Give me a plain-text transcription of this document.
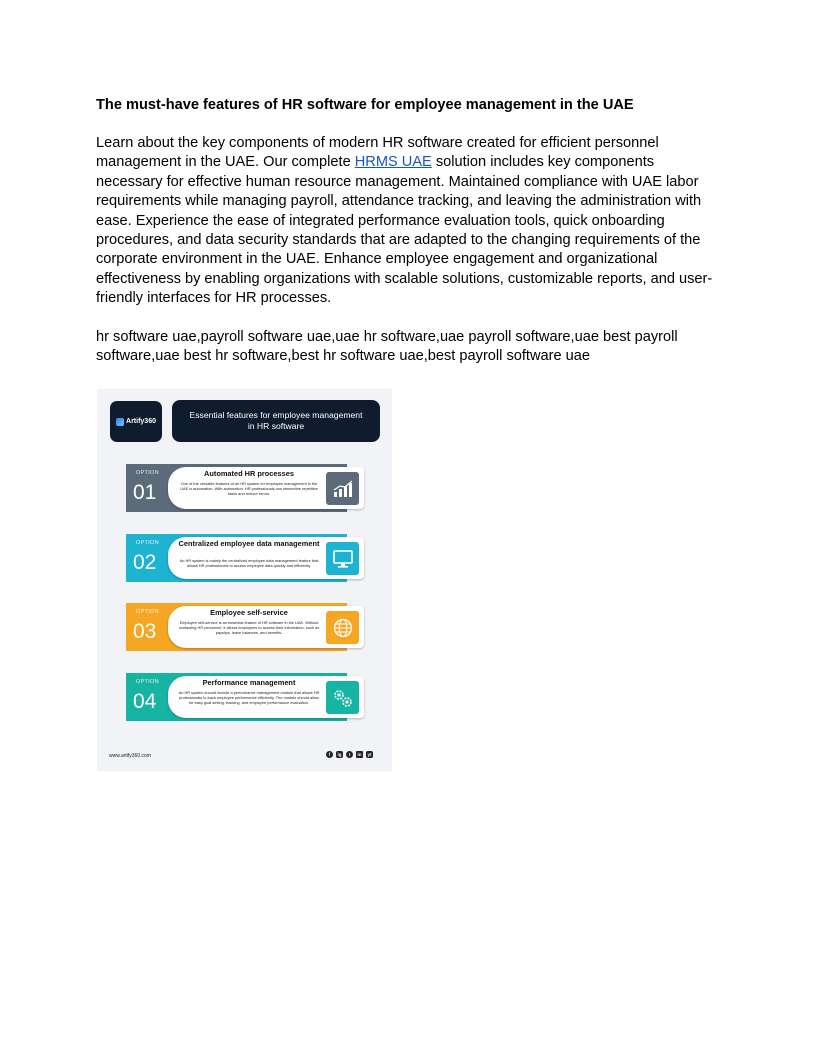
The must-have features of HR software for employee management in the UAE

Learn about the key components of modern HR software created for efficient personnel management in the UAE. Our complete HRMS UAE solution includes key components necessary for effective human resource management. Maintained compliance with UAE labor requirements while managing payroll, attendance tracking, and leaving the administration with ease. Experience the ease of integrated performance evaluation tools, quick onboarding procedures, and data security standards that are adapted to the changing requirements of the corporate environment in the UAE. Enhance employee engagement and organizational effectiveness by enabling organizations with scalable solutions, customizable reports, and user-friendly interfaces for HR processes.

hr software uae,payroll software uae,uae hr software,uae payroll software,uae best payroll software,uae best hr software,best hr software uae,best payroll software uae

Artify360
Essential features for employee management in HR software
OPTION
01
Automated HR processes
One of the versatile features of an HR system for employee management in the UAE is automation. With automation, HR professionals can streamline repetitive tasks and reduce errors.
OPTION
02
Centralized employee data management
An HR system is mainly the centralized employee data management feature that allows HR professionals to access employee data quickly and efficiently.
OPTION
03
Employee self-service
Employee self-service is an essential feature of HR software in the UAE. Without contacting HR personnel, it allows employees to access their information, such as payslips, leave balances, and benefits.
OPTION
04
Performance management
An HR system should include a performance management module that allows HR professionals to track employee performance efficiently. The module should allow for easy goal setting, tracking, and employee performance evaluation.
www.artify360.com	f	ig	t	in	yt
